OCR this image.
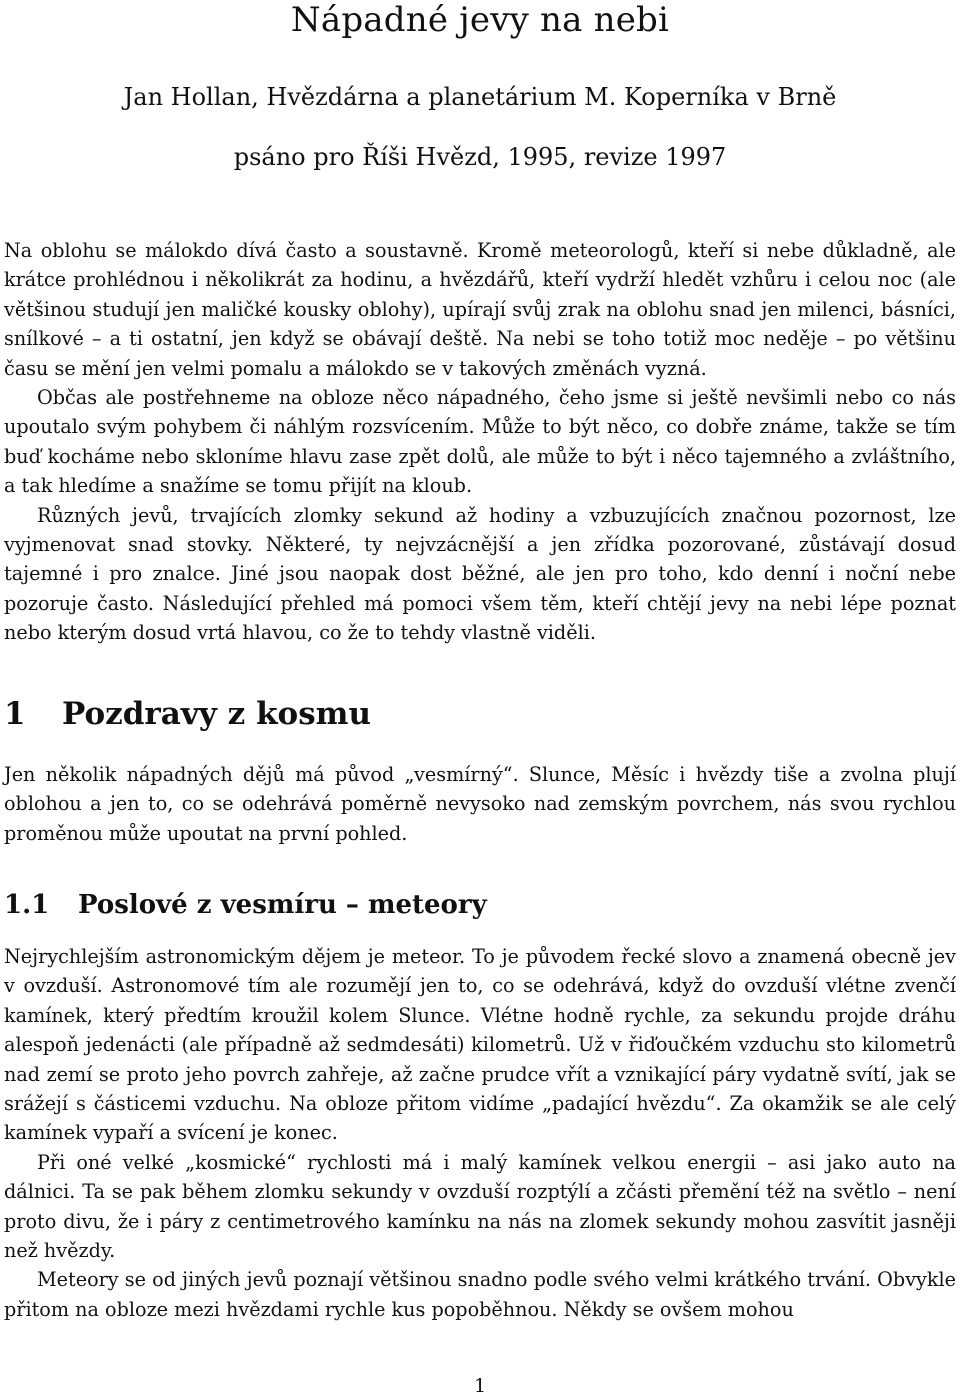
Nápadné jevy na nebi
Jan Hollan, Hvězdárna a planetárium M. Koperníka v Brně
psáno pro Říši Hvězd, 1995, revize 1997

Na oblohu se málokdo dívá často a soustavně. Kromě meteorologů, kteří si nebe důkladně, ale krátce prohlédnou i několikrát za hodinu, a hvězdářů, kteří vydrží hledět vzhůru i celou noc (ale většinou studují jen maličké kousky oblohy), upírají svůj zrak na oblohu snad jen milenci, básníci, snílkové – a ti ostatní, jen když se obávají deště. Na nebi se toho totiž moc neděje – po většinu času se mění jen velmi pomalu a málokdo se v takových změnách vyzná.

Občas ale postřehneme na obloze něco nápadného, čeho jsme si ještě nevšimli nebo co nás upoutalo svým pohybem či náhlým rozsvícením. Může to být něco, co dobře známe, takže se tím buď kocháme nebo skloníme hlavu zase zpět dolů, ale může to být i něco tajemného a zvláštního, a tak hledíme a snažíme se tomu přijít na kloub.

Různých jevů, trvajících zlomky sekund až hodiny a vzbuzujících značnou pozornost, lze vyjmenovat snad stovky. Některé, ty nejvzácnější a jen zřídka pozorované, zůstávají dosud tajemné i pro znalce. Jiné jsou naopak dost běžné, ale jen pro toho, kdo denní i noční nebe pozoruje často. Následující přehled má pomoci všem těm, kteří chtějí jevy na nebi lépe poznat nebo kterým dosud vrtá hlavou, co že to tehdy vlastně viděli.

1 Pozdravy z kosmu

Jen několik nápadných dějů má původ „vesmírný“. Slunce, Měsíc i hvězdy tiše a zvolna plují oblohou a jen to, co se odehrává poměrně nevysoko nad zemským povrchem, nás svou rychlou proměnou může upoutat na první pohled.

1.1 Poslové z vesmíru – meteory

Nejrychlejším astronomickým dějem je meteor. To je původem řecké slovo a znamená obecně jev v ovzduší. Astronomové tím ale rozumějí jen to, co se odehrává, když do ovzduší vlétne zvenčí kamínek, který předtím kroužil kolem Slunce. Vlétne hodně rychle, za sekundu projde dráhu alespoň jedenácti (ale případně až sedmdesáti) kilometrů. Už v řiďoučkém vzduchu sto kilometrů nad zemí se proto jeho povrch zahřeje, až začne prudce vřít a vznikající páry vydatně svítí, jak se srážejí s částicemi vzduchu. Na obloze přitom vidíme „padající hvězdu“. Za okamžik se ale celý kamínek vypaří a svícení je konec.

Při oné velké „kosmické“ rychlosti má i malý kamínek velkou energii – asi jako auto na dálnici. Ta se pak během zlomku sekundy v ovzduší rozptýlí a zčásti přemění též na světlo – není proto divu, že i páry z centimetrového kamínku na nás na zlomek sekundy mohou zasvítit jasněji než hvězdy.

Meteory se od jiných jevů poznají většinou snadno podle svého velmi krátkého trvání. Obvykle přitom na obloze mezi hvězdami rychle kus popoběhnou. Někdy se ovšem mohou

1
